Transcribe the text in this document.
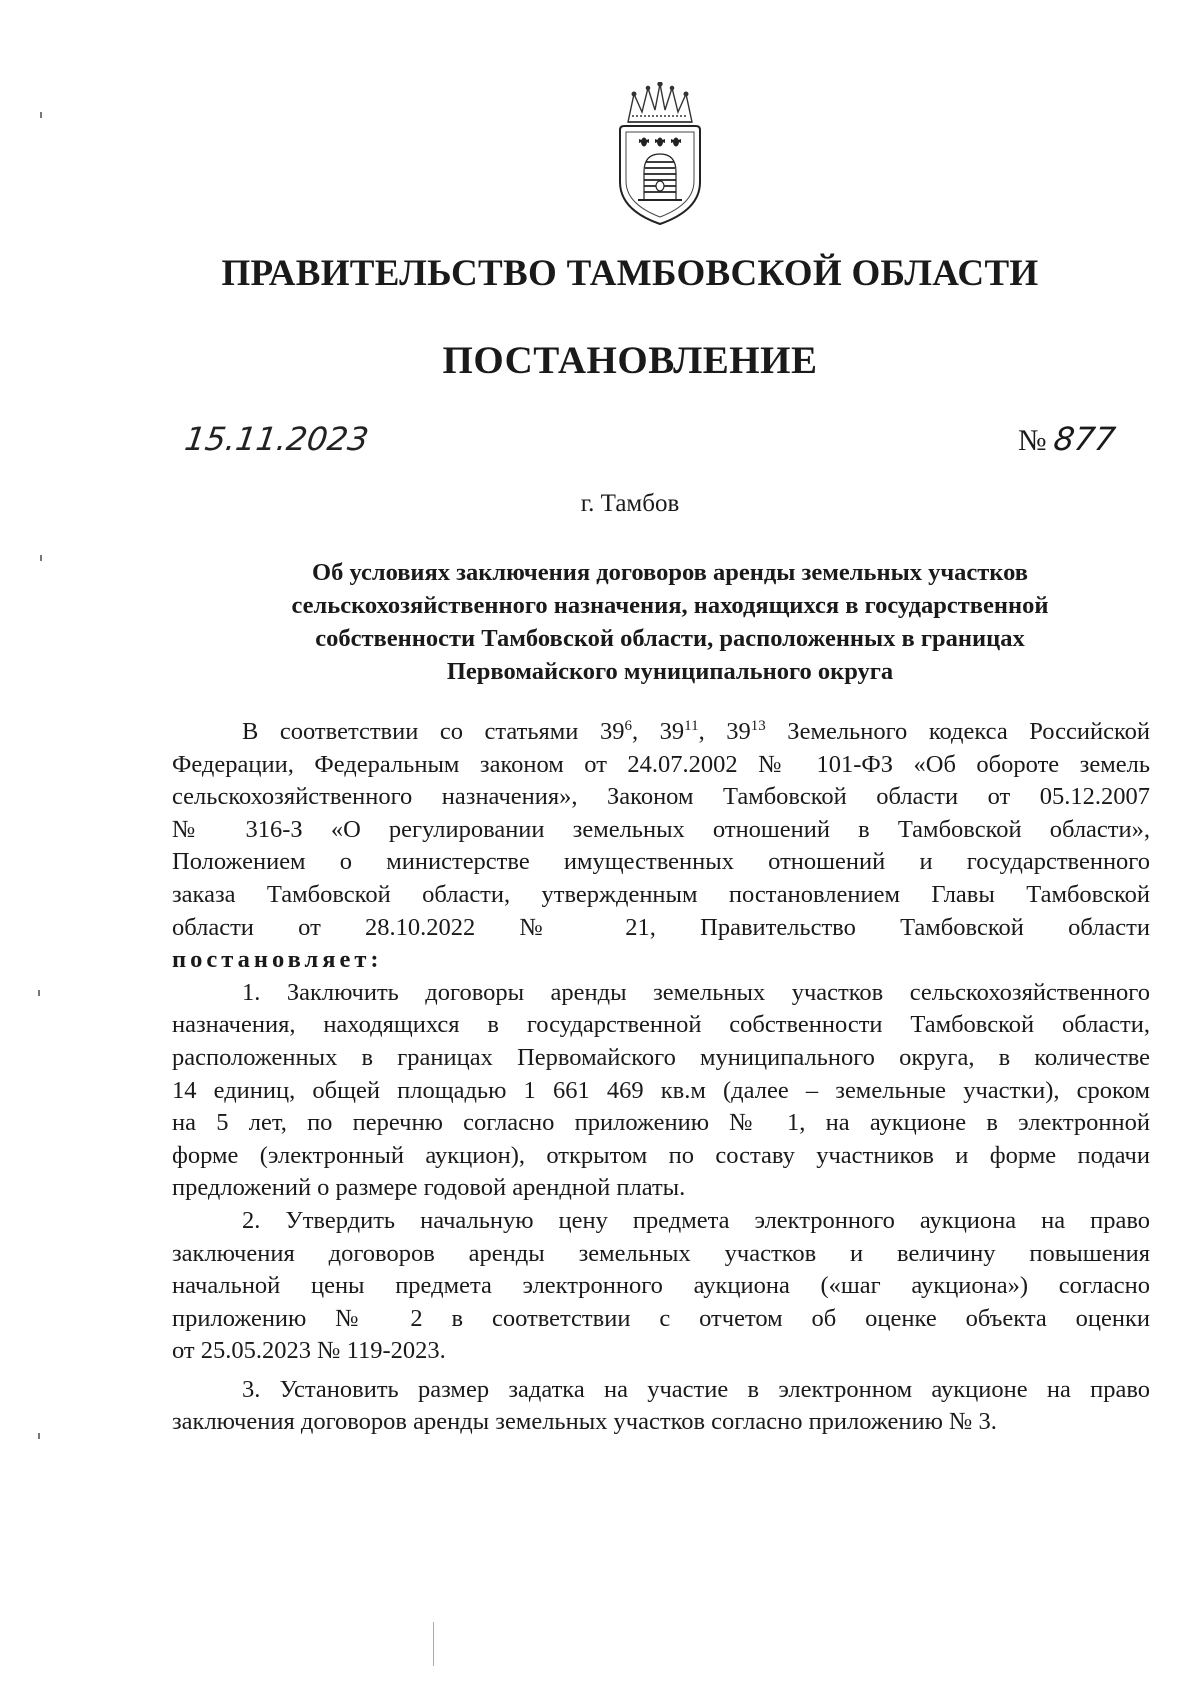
ПРАВИТЕЛЬСТВО ТАМБОВСКОЙ ОБЛАСТИ
ПОСТАНОВЛЕНИЕ
15.11.2023	№ 877
г. Тамбов
Об условиях заключения договоров аренды земельных участков
сельскохозяйственного назначения, находящихся в государственной
собственности Тамбовской области, расположенных в границах
Первомайского муниципального округа
В соответствии со статьями $39^6$, $39^{11}$, $39^{13}$ Земельного кодекса Российской
Федерации, Федеральным законом от 24.07.2002 № 101-ФЗ «Об обороте земель
сельскохозяйственного назначения», Законом Тамбовской области от 05.12.2007
№ 316-З «О регулировании земельных отношений в Тамбовской области»,
Положением о министерстве имущественных отношений и государственного
заказа Тамбовской области, утвержденным постановлением Главы Тамбовской
области от 28.10.2022 № 21, Правительство Тамбовской области
постановляет:
1. Заключить договоры аренды земельных участков сельскохозяйственного
назначения, находящихся в государственной собственности Тамбовской области,
расположенных в границах Первомайского муниципального округа, в количестве
14 единиц, общей площадью 1 661 469 кв.м (далее – земельные участки), сроком
на 5 лет, по перечню согласно приложению № 1, на аукционе в электронной
форме (электронный аукцион), открытом по составу участников и форме подачи
предложений о размере годовой арендной платы.
2. Утвердить начальную цену предмета электронного аукциона на право
заключения договоров аренды земельных участков и величину повышения
начальной цены предмета электронного аукциона («шаг аукциона») согласно
приложению № 2 в соответствии с отчетом об оценке объекта оценки
от 25.05.2023 № 119-2023.
3. Установить размер задатка на участие в электронном аукционе на право
заключения договоров аренды земельных участков согласно приложению № 3.
